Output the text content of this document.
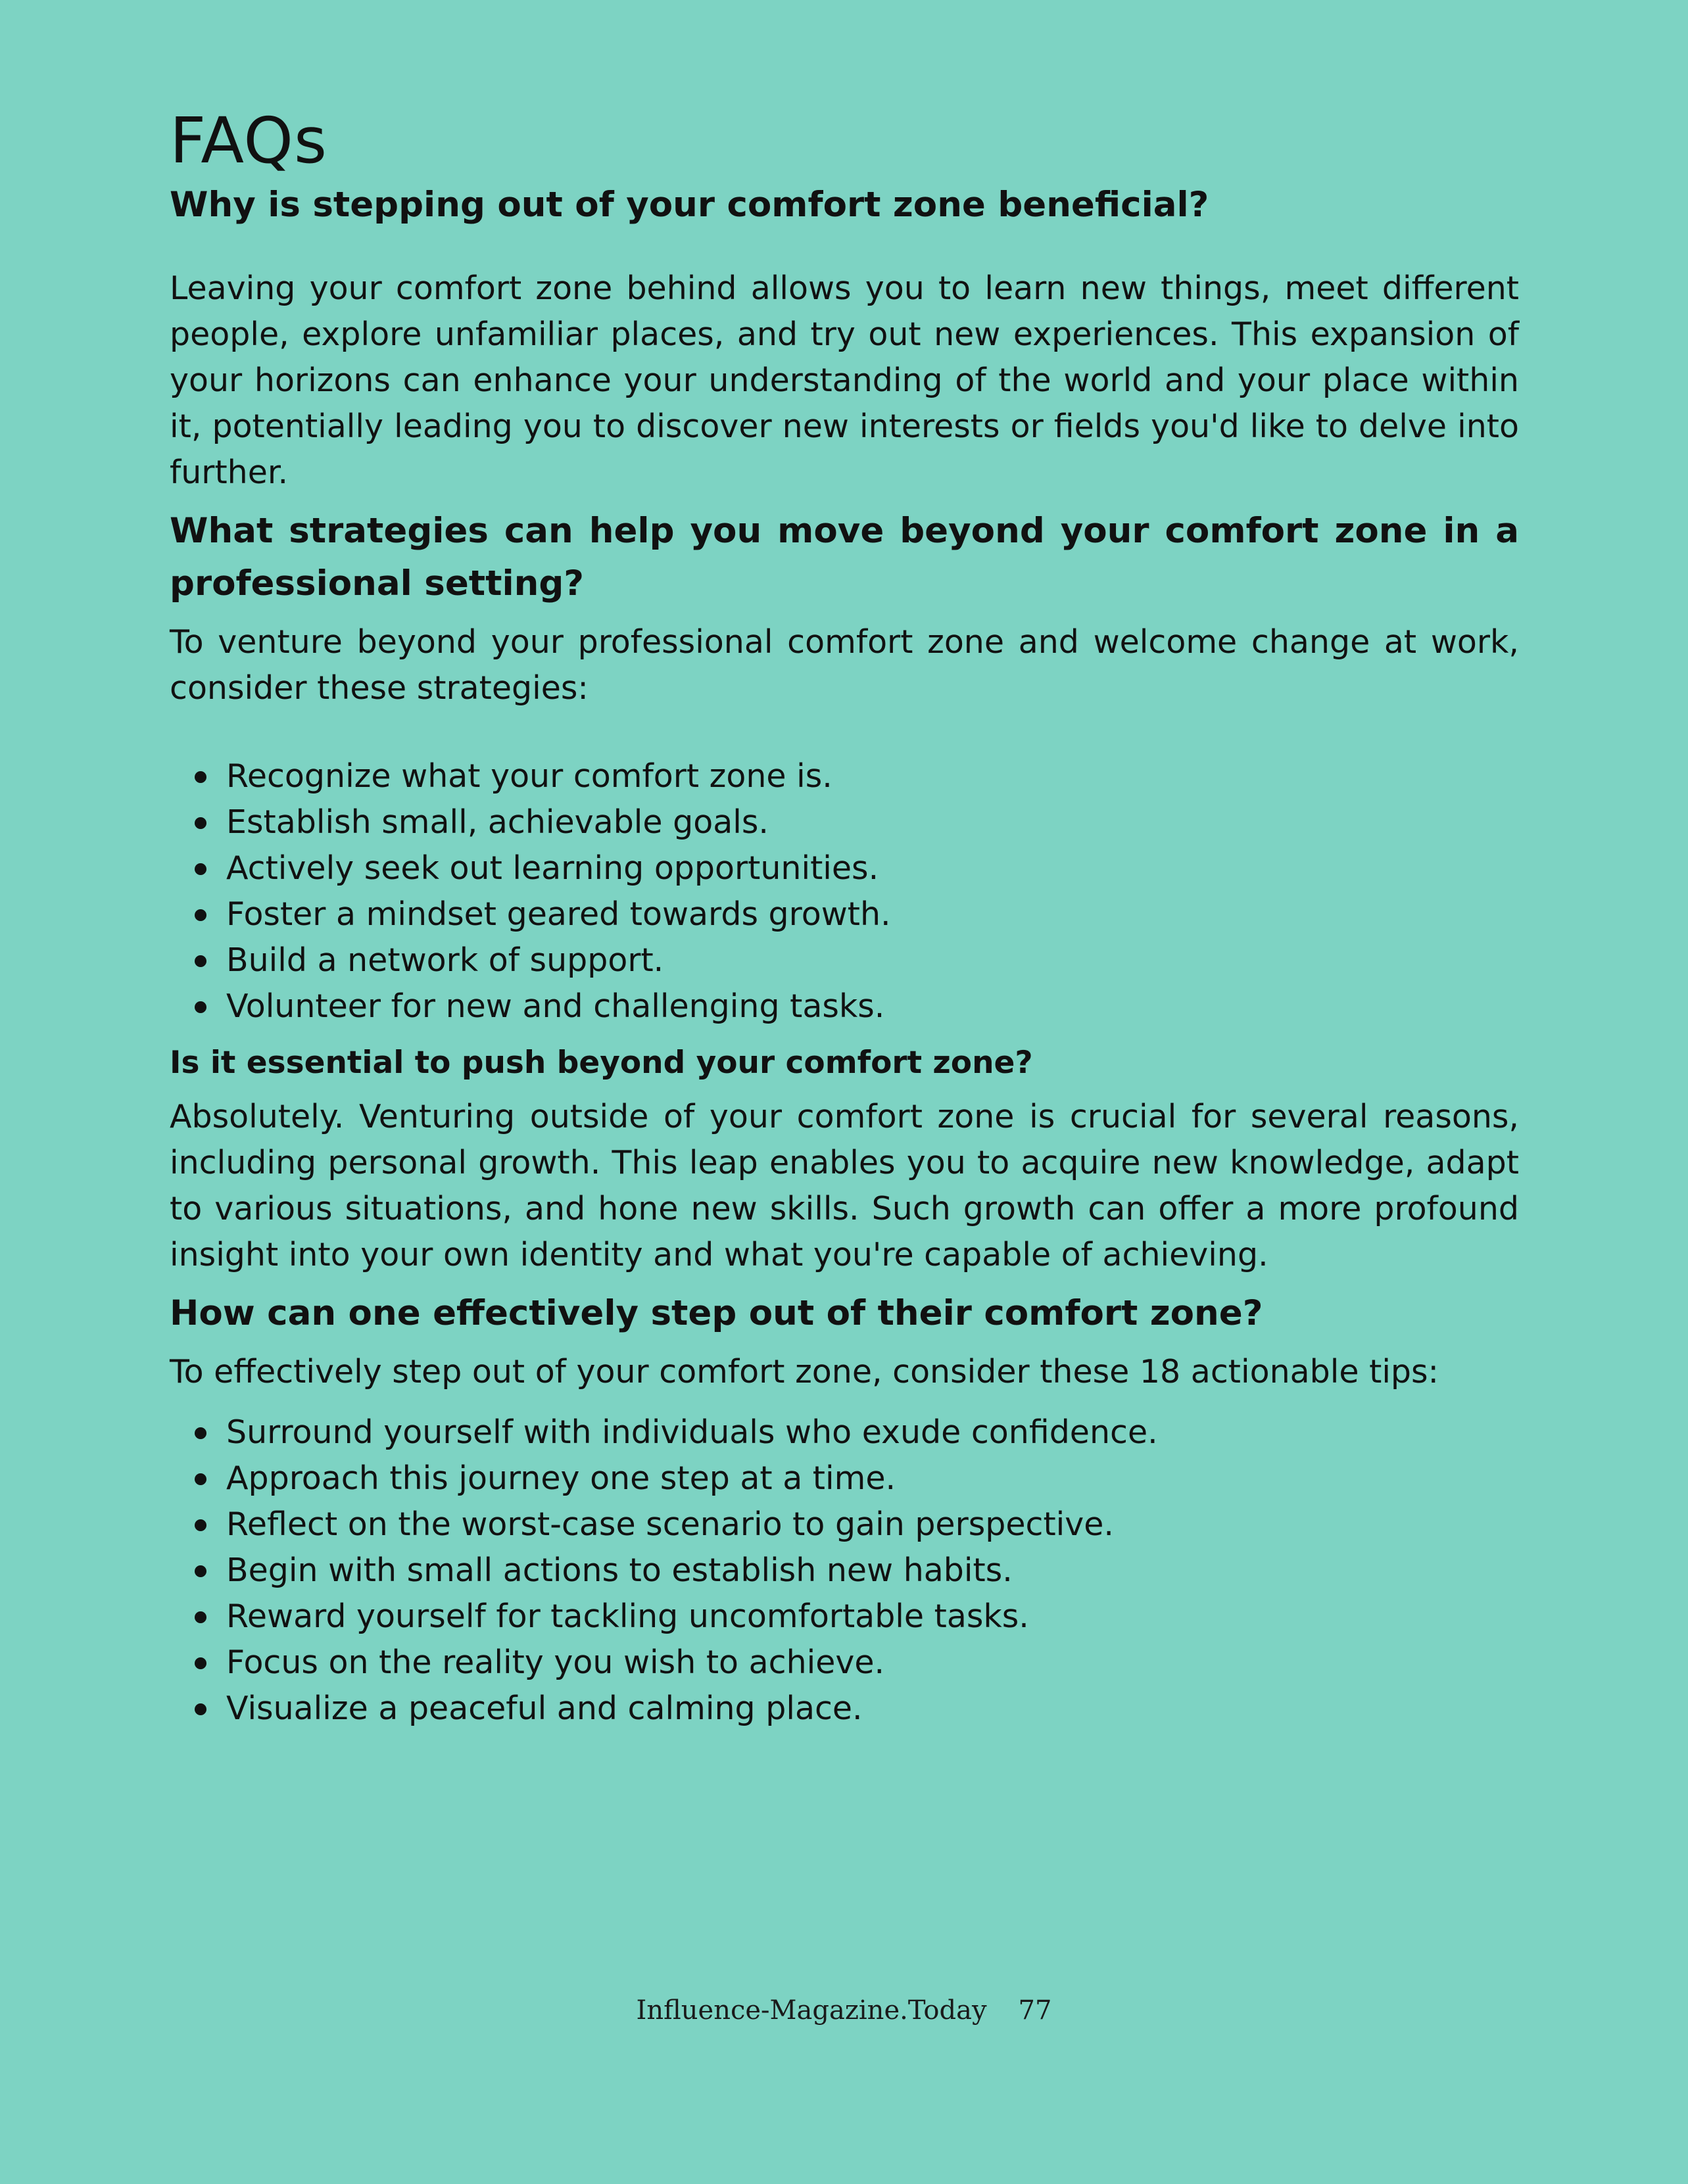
FAQs
Why is stepping out of your comfort zone beneficial?

Leaving your comfort zone behind allows you to learn new things, meet different people, explore unfamiliar places, and try out new experiences. This expansion of your horizons can enhance your understanding of the world and your place within it, potentially leading you to discover new interests or fields you'd like to delve into further.

What strategies can help you move beyond your comfort zone in a professional setting?

To venture beyond your professional comfort zone and welcome change at work, consider these strategies:

Recognize what your comfort zone is.
Establish small, achievable goals.
Actively seek out learning opportunities.
Foster a mindset geared towards growth.
Build a network of support.
Volunteer for new and challenging tasks.
Is it essential to push beyond your comfort zone?

Absolutely. Venturing outside of your comfort zone is crucial for several reasons, including personal growth. This leap enables you to acquire new knowledge, adapt to various situations, and hone new skills. Such growth can offer a more profound insight into your own identity and what you're capable of achieving.

How can one effectively step out of their comfort zone?

To effectively step out of your comfort zone, consider these 18 actionable tips:

Surround yourself with individuals who exude confidence.
Approach this journey one step at a time.
Reflect on the worst-case scenario to gain perspective.
Begin with small actions to establish new habits.
Reward yourself for tackling uncomfortable tasks.
Focus on the reality you wish to achieve.
Visualize a peaceful and calming place.
Influence-Magazine.Today 77
